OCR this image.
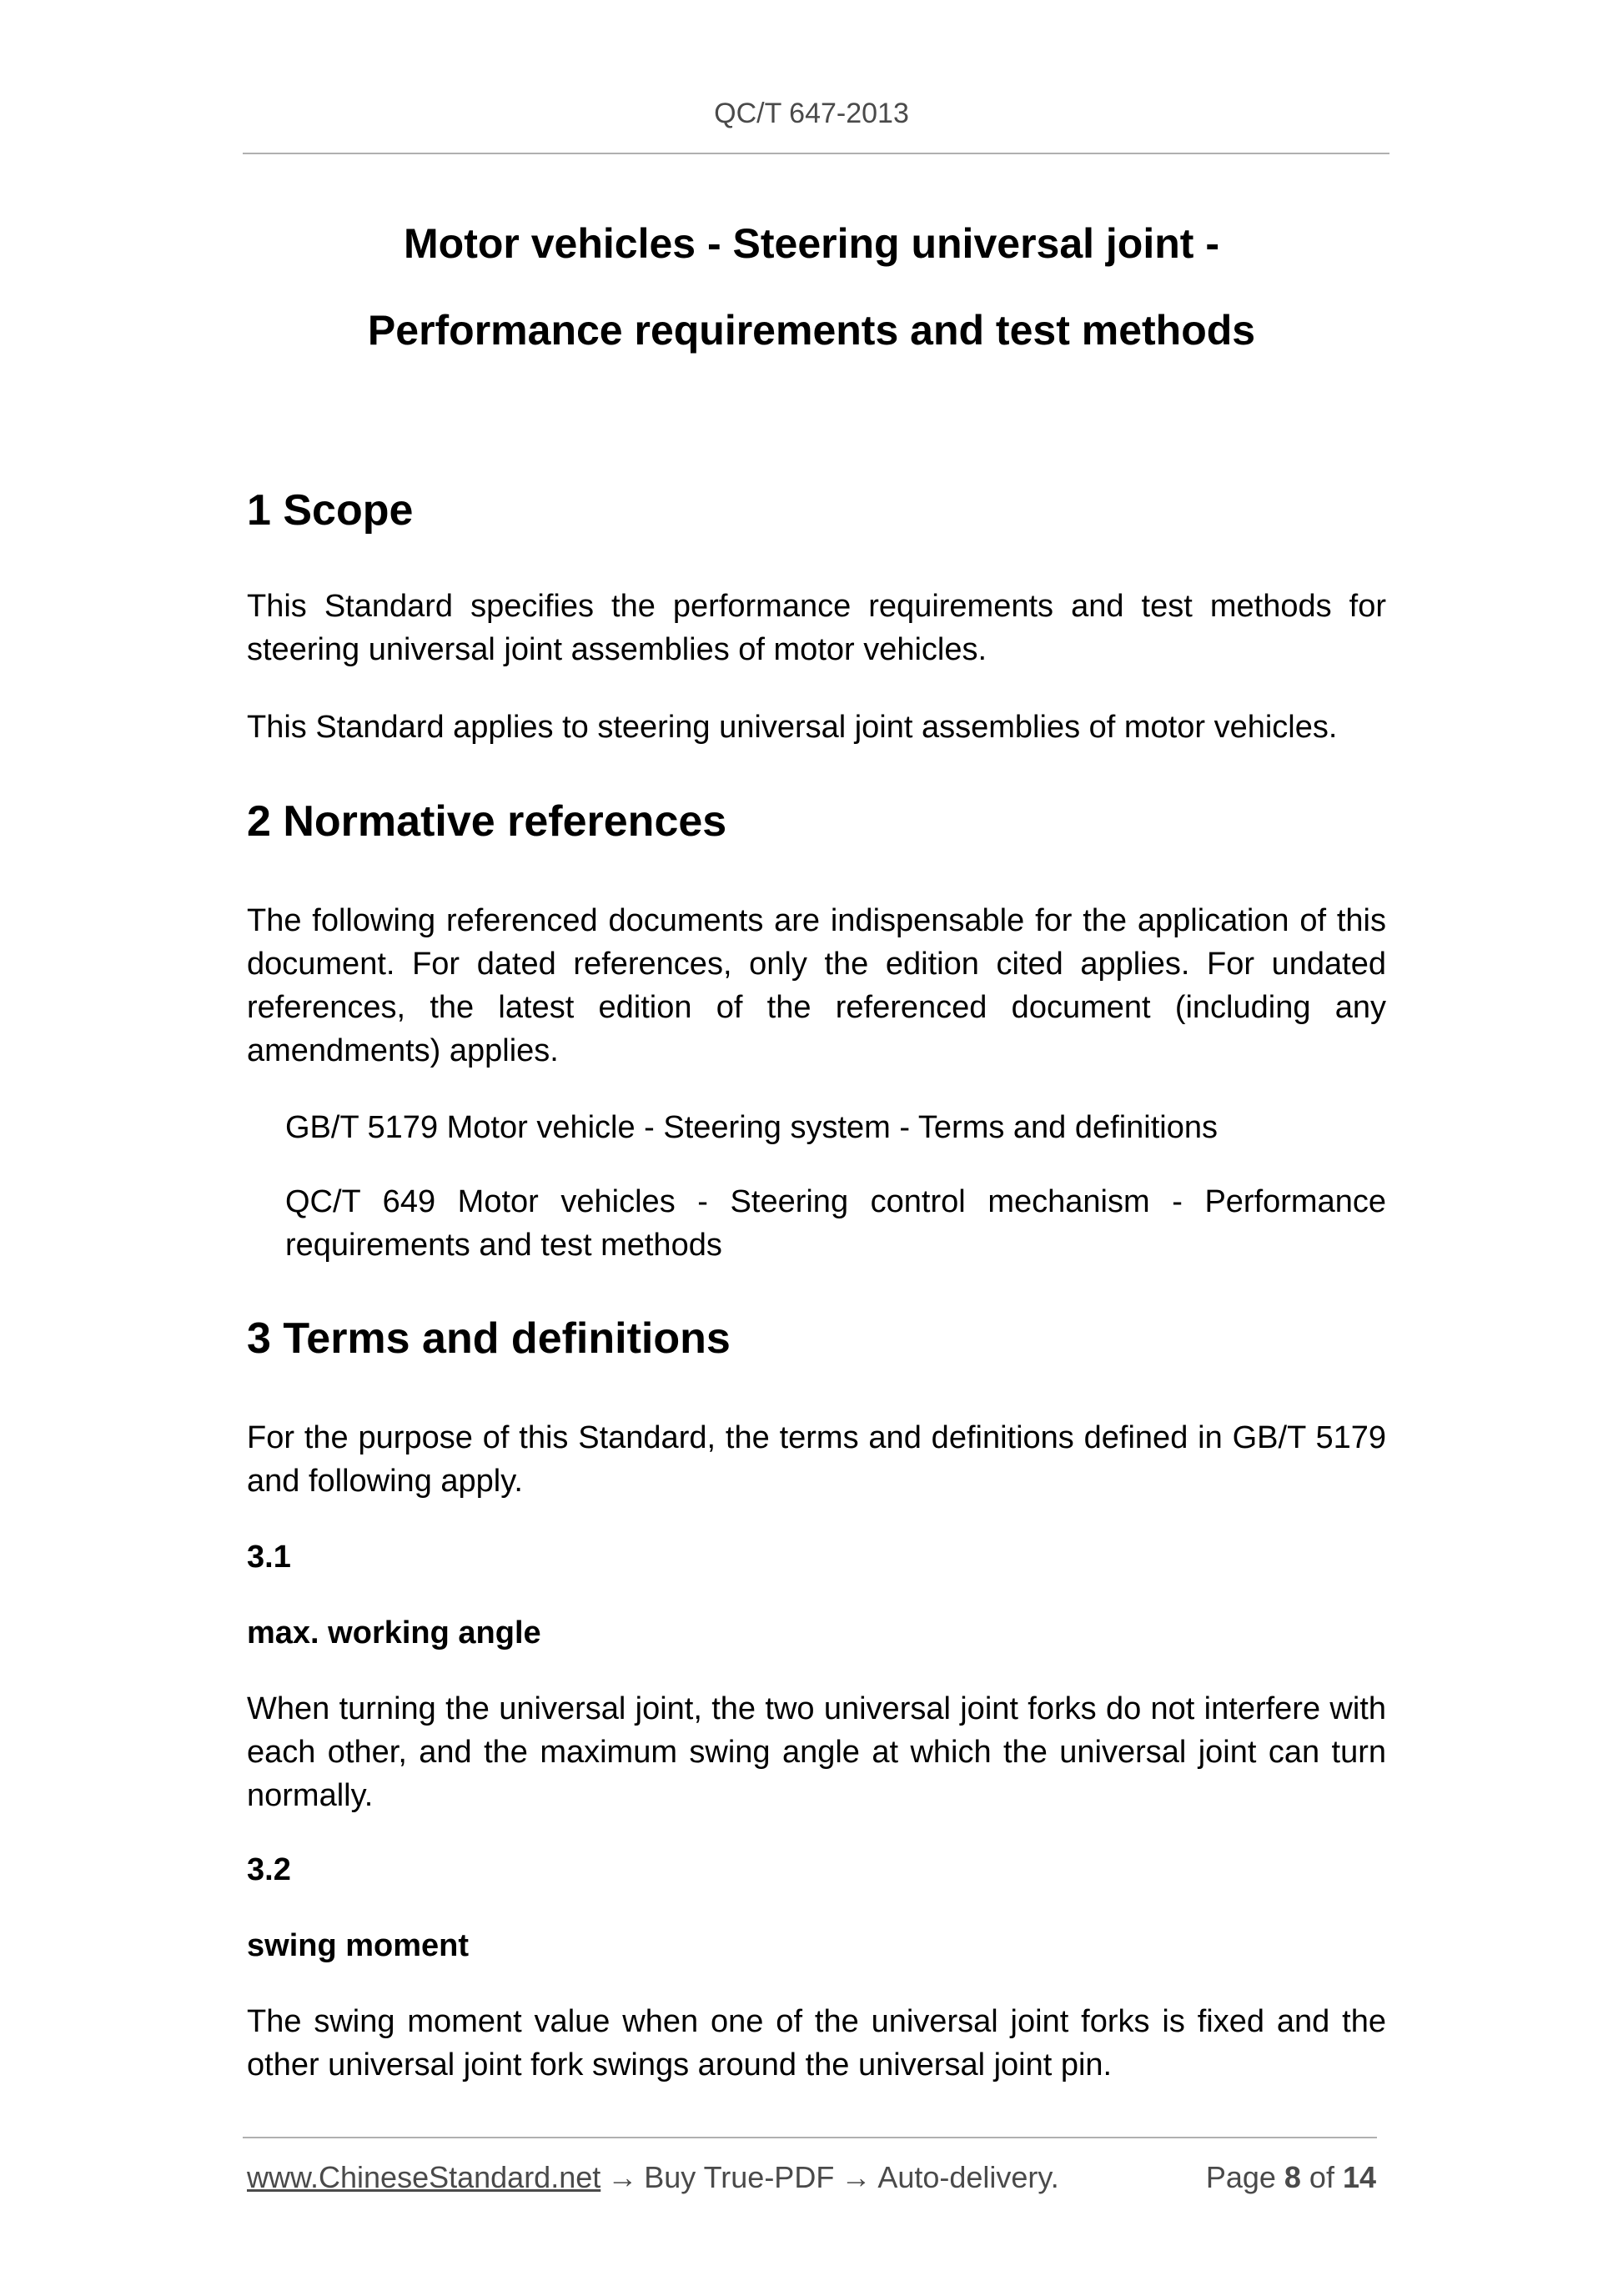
QC/T 647-2013
Motor vehicles - Steering universal joint -
Performance requirements and test methods
1 Scope
This Standard specifies the performance requirements and test methods for steering universal joint assemblies of motor vehicles.
This Standard applies to steering universal joint assemblies of motor vehicles.
2 Normative references
The following referenced documents are indispensable for the application of this document. For dated references, only the edition cited applies. For undated references, the latest edition of the referenced document (including any amendments) applies.
GB/T 5179 Motor vehicle - Steering system - Terms and definitions
QC/T 649 Motor vehicles - Steering control mechanism - Performance requirements and test methods
3 Terms and definitions
For the purpose of this Standard, the terms and definitions defined in GB/T 5179 and following apply.
3.1
max. working angle
When turning the universal joint, the two universal joint forks do not interfere with each other, and the maximum swing angle at which the universal joint can turn normally.
3.2
swing moment
The swing moment value when one of the universal joint forks is fixed and the other universal joint fork swings around the universal joint pin.
www.ChineseStandard.net → Buy True-PDF → Auto-delivery.	Page 8 of 14
